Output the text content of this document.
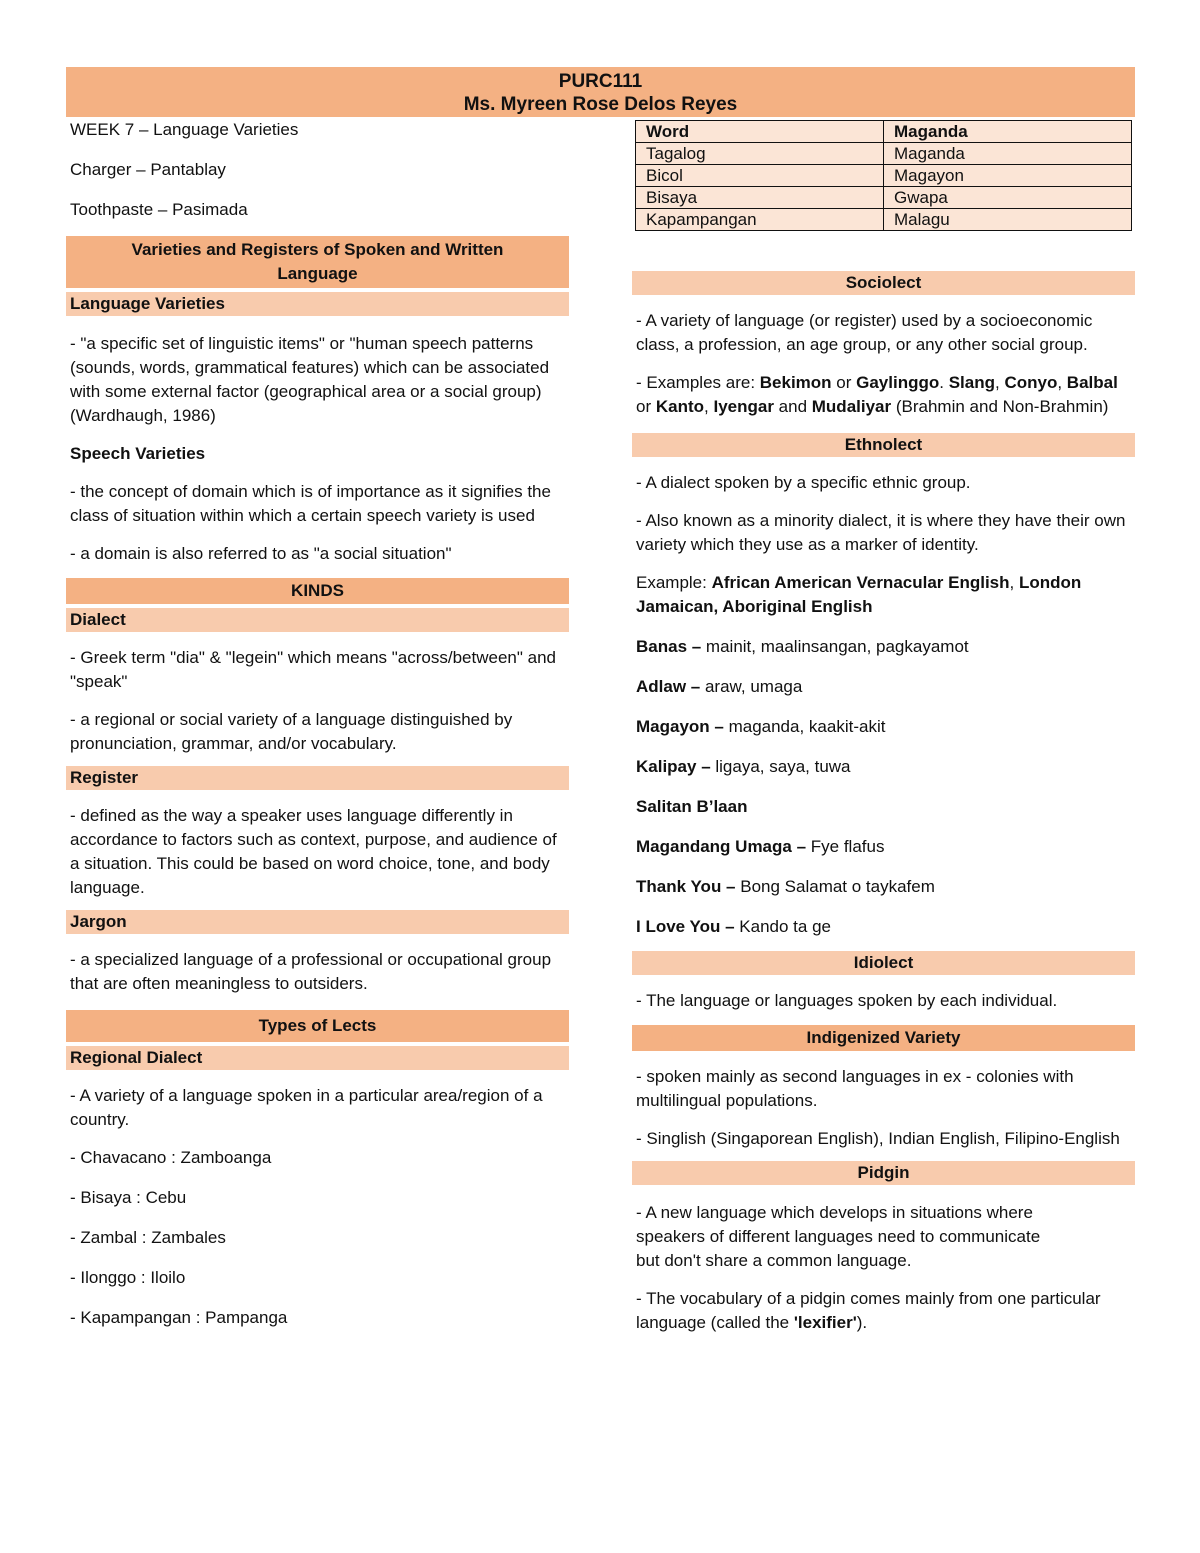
PURC111
Ms. Myreen Rose Delos Reyes

WEEK 7 – Language Varieties

Charger – Pantablay

Toothpaste – Pasimada

Varieties and Registers of Spoken and Written Language
Language Varieties

- "a specific set of linguistic items" or "human speech patterns (sounds, words, grammatical features) which can be associated with some external factor (geographical area or a social group) (Wardhaugh, 1986)

Speech Varieties

- the concept of domain which is of importance as it signifies the class of situation within which a certain speech variety is used

- a domain is also referred to as "a social situation"

KINDS
Dialect

- Greek term "dia" & "legein" which means "across/between" and "speak"

- a regional or social variety of a language distinguished by pronunciation, grammar, and/or vocabulary.

Register

- defined as the way a speaker uses language differently in accordance to factors such as context, purpose, and audience of a situation. This could be based on word choice, tone, and body language.

Jargon

- a specialized language of a professional or occupational group that are often meaningless to outsiders.

Types of Lects
Regional Dialect

- A variety of a language spoken in a particular area/region of a country.

- Chavacano : Zamboanga

- Bisaya : Cebu

- Zambal : Zambales

- Ilonggo : Iloilo

- Kapampangan : Pampanga

Word	Maganda
Tagalog	Maganda
Bicol	Magayon
Bisaya	Gwapa
Kapampangan	Malagu
Sociolect

- A variety of language (or register) used by a socioeconomic class, a profession, an age group, or any other social group.

- Examples are: Bekimon or Gaylinggo. Slang, Conyo, Balbal or Kanto, Iyengar and Mudaliyar (Brahmin and Non-Brahmin)

Ethnolect

- A dialect spoken by a specific ethnic group.

- Also known as a minority dialect, it is where they have their own variety which they use as a marker of identity.

Example: African American Vernacular English, London Jamaican, Aboriginal English

Banas – mainit, maalinsangan, pagkayamot

Adlaw – araw, umaga

Magayon – maganda, kaakit-akit

Kalipay – ligaya, saya, tuwa

Salitan B’laan

Magandang Umaga – Fye flafus

Thank You – Bong Salamat o taykafem

I Love You – Kando ta ge

Idiolect

- The language or languages spoken by each individual.

Indigenized Variety

- spoken mainly as second languages in ex - colonies with multilingual populations.

- Singlish (Singaporean English), Indian English, Filipino-English

Pidgin

- A new language which develops in situations where speakers of different languages need to communicate but don't share a common language.

- The vocabulary of a pidgin comes mainly from one particular language (called the 'lexifier').
